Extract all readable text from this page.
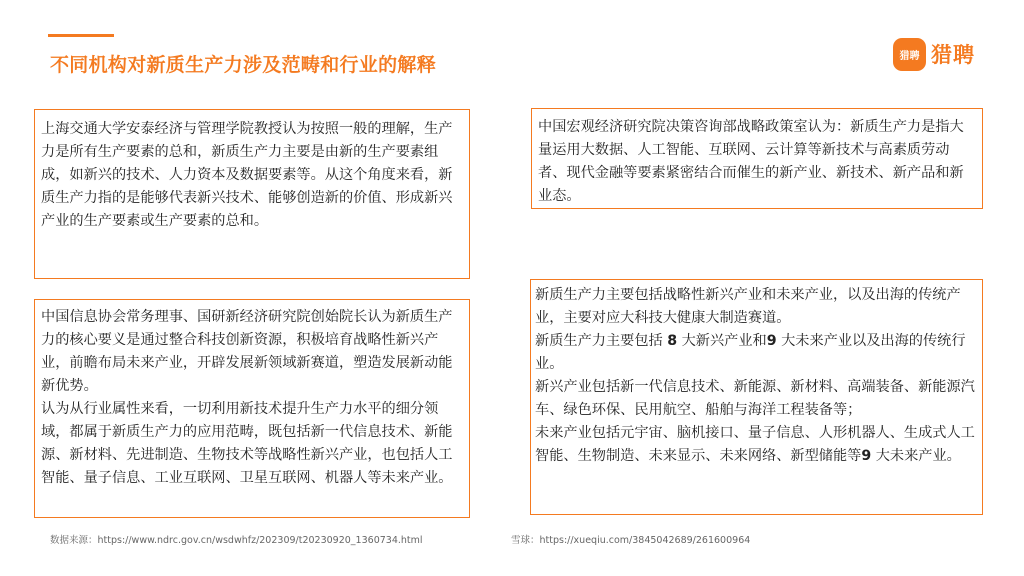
不同机构对新质生产力涉及范畴和行业的解释	猎聘 猎聘

上海交通大学安泰经济与管理学院教授认为按照一般的理解，生产力是所有生产要素的总和，新质生产力主要是由新的生产要素组成，如新兴的技术、人力资本及数据要素等。从这个角度来看，新质生产力指的是能够代表新兴技术、能够创造新的价值、形成新兴产业的生产要素或生产要素的总和。

中国宏观经济研究院决策咨询部战略政策室认为：新质生产力是指大量运用大数据、人工智能、互联网、云计算等新技术与高素质劳动者、现代金融等要素紧密结合而催生的新产业、新技术、新产品和新业态。

中国信息协会常务理事、国研新经济研究院创始院长认为新质生产力的核心要义是通过整合科技创新资源，积极培育战略性新兴产业，前瞻布局未来产业，开辟发展新领域新赛道，塑造发展新动能新优势。

认为从行业属性来看，一切利用新技术提升生产力水平的细分领域，都属于新质生产力的应用范畴，既包括新一代信息技术、新能源、新材料、先进制造、生物技术等战略性新兴产业，也包括人工智能、量子信息、工业互联网、卫星互联网、机器人等未来产业。

新质生产力主要包括战略性新兴产业和未来产业，以及出海的传统产业，主要对应大科技大健康大制造赛道。

新质生产力主要包括 8 大新兴产业和9 大未来产业以及出海的传统行业。

新兴产业包括新一代信息技术、新能源、新材料、高端装备、新能源汽车、绿色环保、民用航空、船舶与海洋工程装备等；

未来产业包括元宇宙、脑机接口、量子信息、人形机器人、生成式人工智能、生物制造、未来显示、未来网络、新型储能等9 大未来产业。

数据来源：https://www.ndrc.gov.cn/wsdwhfz/202309/t20230920_1360734.html	雪球：https://xueqiu.com/3845042689/261600964
